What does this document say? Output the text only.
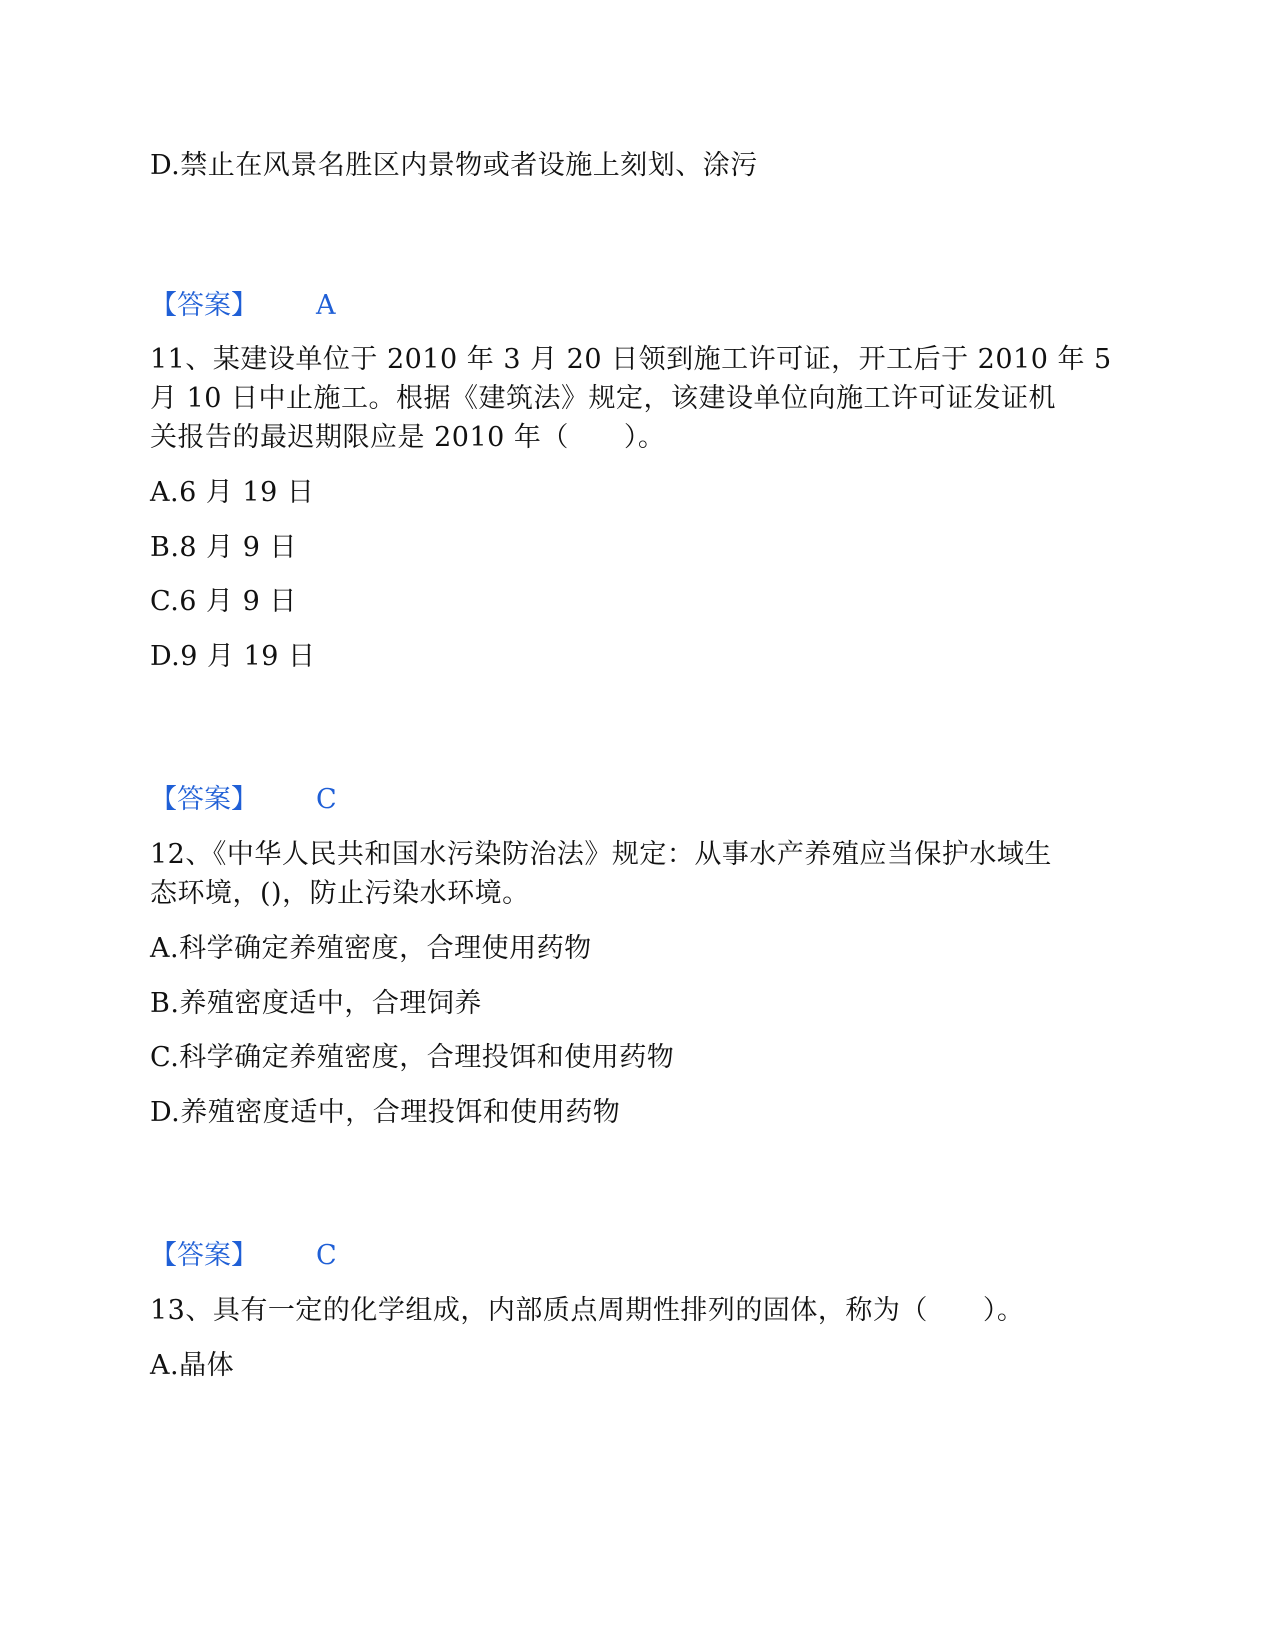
D.禁止在风景名胜区内景物或者设施上刻划、涂污
【答案】 A
11、某建设单位于 2010 年 3 月 20 日领到施工许可证，开工后于 2010 年 5
月 10 日中止施工。根据《建筑法》规定，该建设单位向施工许可证发证机
关报告的最迟期限应是 2010 年（　　）。
A.6 月 19 日
B.8 月 9 日
C.6 月 9 日
D.9 月 19 日
【答案】 C
12、《中华人民共和国水污染防治法》规定：从事水产养殖应当保护水域生
态环境，()，防止污染水环境。
A.科学确定养殖密度，合理使用药物
B.养殖密度适中，合理饲养
C.科学确定养殖密度，合理投饵和使用药物
D.养殖密度适中，合理投饵和使用药物
【答案】 C
13、具有一定的化学组成，内部质点周期性排列的固体，称为（　　）。
A.晶体
